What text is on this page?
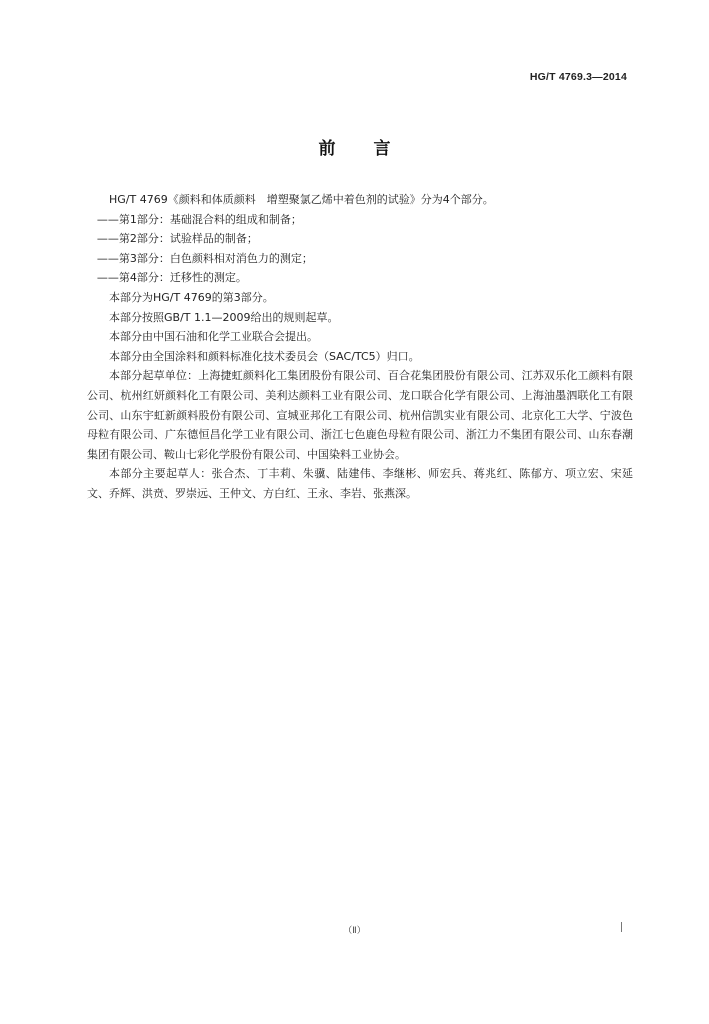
HG/T 4769.3—2014
前言

HG/T 4769《颜料和体质颜料　增塑聚氯乙烯中着色剂的试验》分为4个部分。

——第1部分：基础混合料的组成和制备；

——第2部分：试验样品的制备；

——第3部分：白色颜料相对消色力的测定；

——第4部分：迁移性的测定。

本部分为HG/T 4769的第3部分。

本部分按照GB/T 1.1—2009给出的规则起草。

本部分由中国石油和化学工业联合会提出。

本部分由全国涂料和颜料标准化技术委员会（SAC/TC5）归口。

本部分起草单位：上海捷虹颜料化工集团股份有限公司、百合花集团股份有限公司、江苏双乐化工颜料有限公司、杭州红妍颜料化工有限公司、美利达颜料工业有限公司、龙口联合化学有限公司、上海油墨泗联化工有限公司、山东宇虹新颜料股份有限公司、宣城亚邦化工有限公司、杭州信凯实业有限公司、北京化工大学、宁波色母粒有限公司、广东德恒昌化学工业有限公司、浙江七色鹿色母粒有限公司、浙江力不集团有限公司、山东春潮集团有限公司、鞍山七彩化学股份有限公司、中国染料工业协会。

本部分主要起草人：张合杰、丁丰莉、朱骥、陆建伟、李继彬、师宏兵、蒋兆红、陈郁方、项立宏、宋延文、乔辉、洪贲、罗崇远、王仲文、方白红、王永、李岩、张燕深。

（Ⅱ）
